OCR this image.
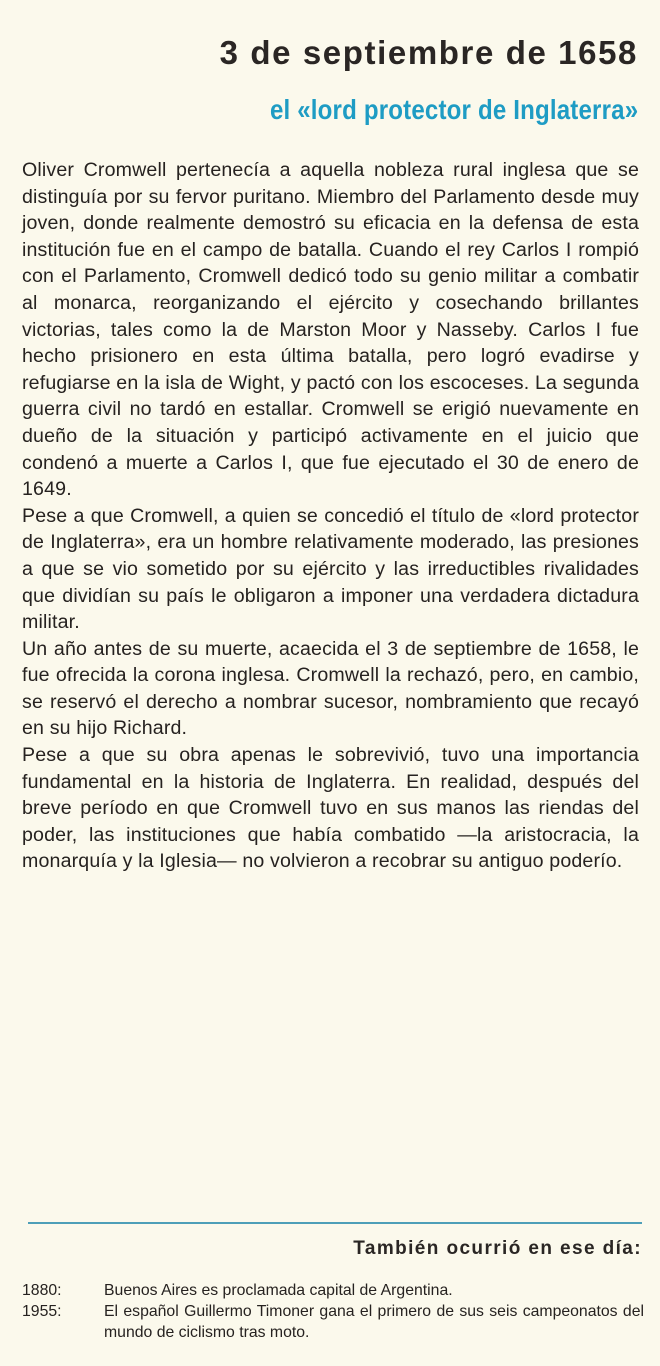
3 de septiembre de 1658
el «lord protector de Inglaterra»

Oliver Cromwell pertenecía a aquella nobleza rural inglesa que se distinguía por su fervor puritano. Miembro del Parlamento desde muy joven, donde realmente demostró su eficacia en la defensa de esta institución fue en el campo de batalla. Cuando el rey Carlos I rompió con el Parlamento, Cromwell dedicó todo su genio militar a combatir al monarca, reorganizando el ejército y cosechando brillantes victorias, tales como la de Marston Moor y Nasseby. Carlos I fue hecho prisionero en esta última batalla, pero logró evadirse y refugiarse en la isla de Wight, y pactó con los escoceses. La segunda guerra civil no tardó en estallar. Cromwell se erigió nuevamente en dueño de la situación y participó activamente en el juicio que condenó a muerte a Carlos I, que fue ejecutado el 30 de enero de 1649.

Pese a que Cromwell, a quien se concedió el título de «lord protector de Inglaterra», era un hombre relativamente moderado, las presiones a que se vio sometido por su ejército y las irreductibles rivalidades que dividían su país le obligaron a imponer una verdadera dictadura militar.

Un año antes de su muerte, acaecida el 3 de septiembre de 1658, le fue ofrecida la corona inglesa. Cromwell la rechazó, pero, en cambio, se reservó el derecho a nombrar sucesor, nombramiento que recayó en su hijo Richard.

Pese a que su obra apenas le sobrevivió, tuvo una importancia fundamental en la historia de Inglaterra. En realidad, después del breve período en que Cromwell tuvo en sus manos las riendas del poder, las instituciones que había combatido —la aristocracia, la monarquía y la Iglesia— no volvieron a recobrar su antiguo poderío.

También ocurrió en ese día:
1880:	Buenos Aires es proclamada capital de Argentina.
1955:	El español Guillermo Timoner gana el primero de sus seis campeonatos del mundo de ciclismo tras moto.
